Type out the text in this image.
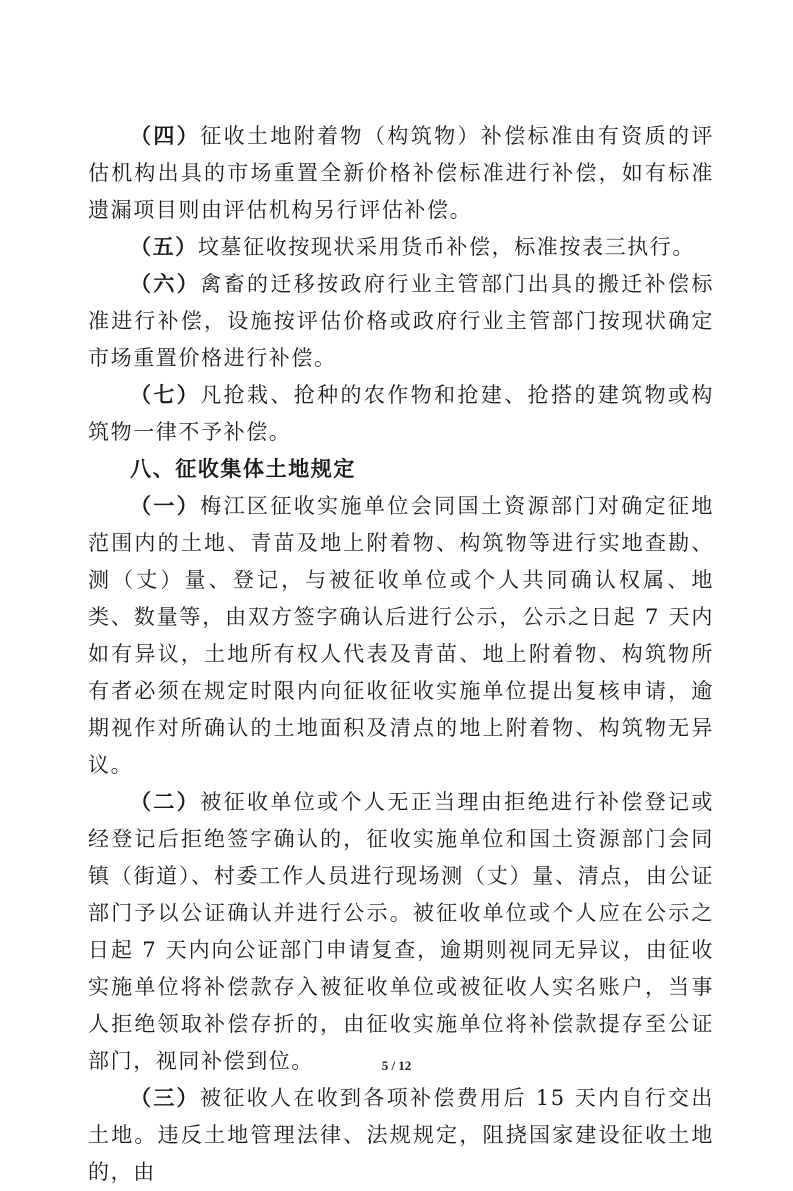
（四）征收土地附着物（构筑物）补偿标准由有资质的评估机构出具的市场重置全新价格补偿标准进行补偿，如有标准遗漏项目则由评估机构另行评估补偿。

（五）坟墓征收按现状采用货币补偿，标准按表三执行。

（六）禽畜的迁移按政府行业主管部门出具的搬迁补偿标准进行补偿，设施按评估价格或政府行业主管部门按现状确定市场重置价格进行补偿。

（七）凡抢栽、抢种的农作物和抢建、抢搭的建筑物或构筑物一律不予补偿。

八、征收集体土地规定

（一）梅江区征收实施单位会同国土资源部门对确定征地范围内的土地、青苗及地上附着物、构筑物等进行实地查勘、测（丈）量、登记，与被征收单位或个人共同确认权属、地类、数量等，由双方签字确认后进行公示，公示之日起 7 天内如有异议，土地所有权人代表及青苗、地上附着物、构筑物所有者必须在规定时限内向征收征收实施单位提出复核申请，逾期视作对所确认的土地面积及清点的地上附着物、构筑物无异议。

（二）被征收单位或个人无正当理由拒绝进行补偿登记或经登记后拒绝签字确认的，征收实施单位和国土资源部门会同镇（街道）、村委工作人员进行现场测（丈）量、清点，由公证部门予以公证确认并进行公示。被征收单位或个人应在公示之日起 7 天内向公证部门申请复查，逾期则视同无异议，由征收实施单位将补偿款存入被征收单位或被征收人实名账户，当事人拒绝领取补偿存折的，由征收实施单位将补偿款提存至公证部门，视同补偿到位。

（三）被征收人在收到各项补偿费用后 15 天内自行交出土地。违反土地管理法律、法规规定，阻挠国家建设征收土地的，由

5 / 12
